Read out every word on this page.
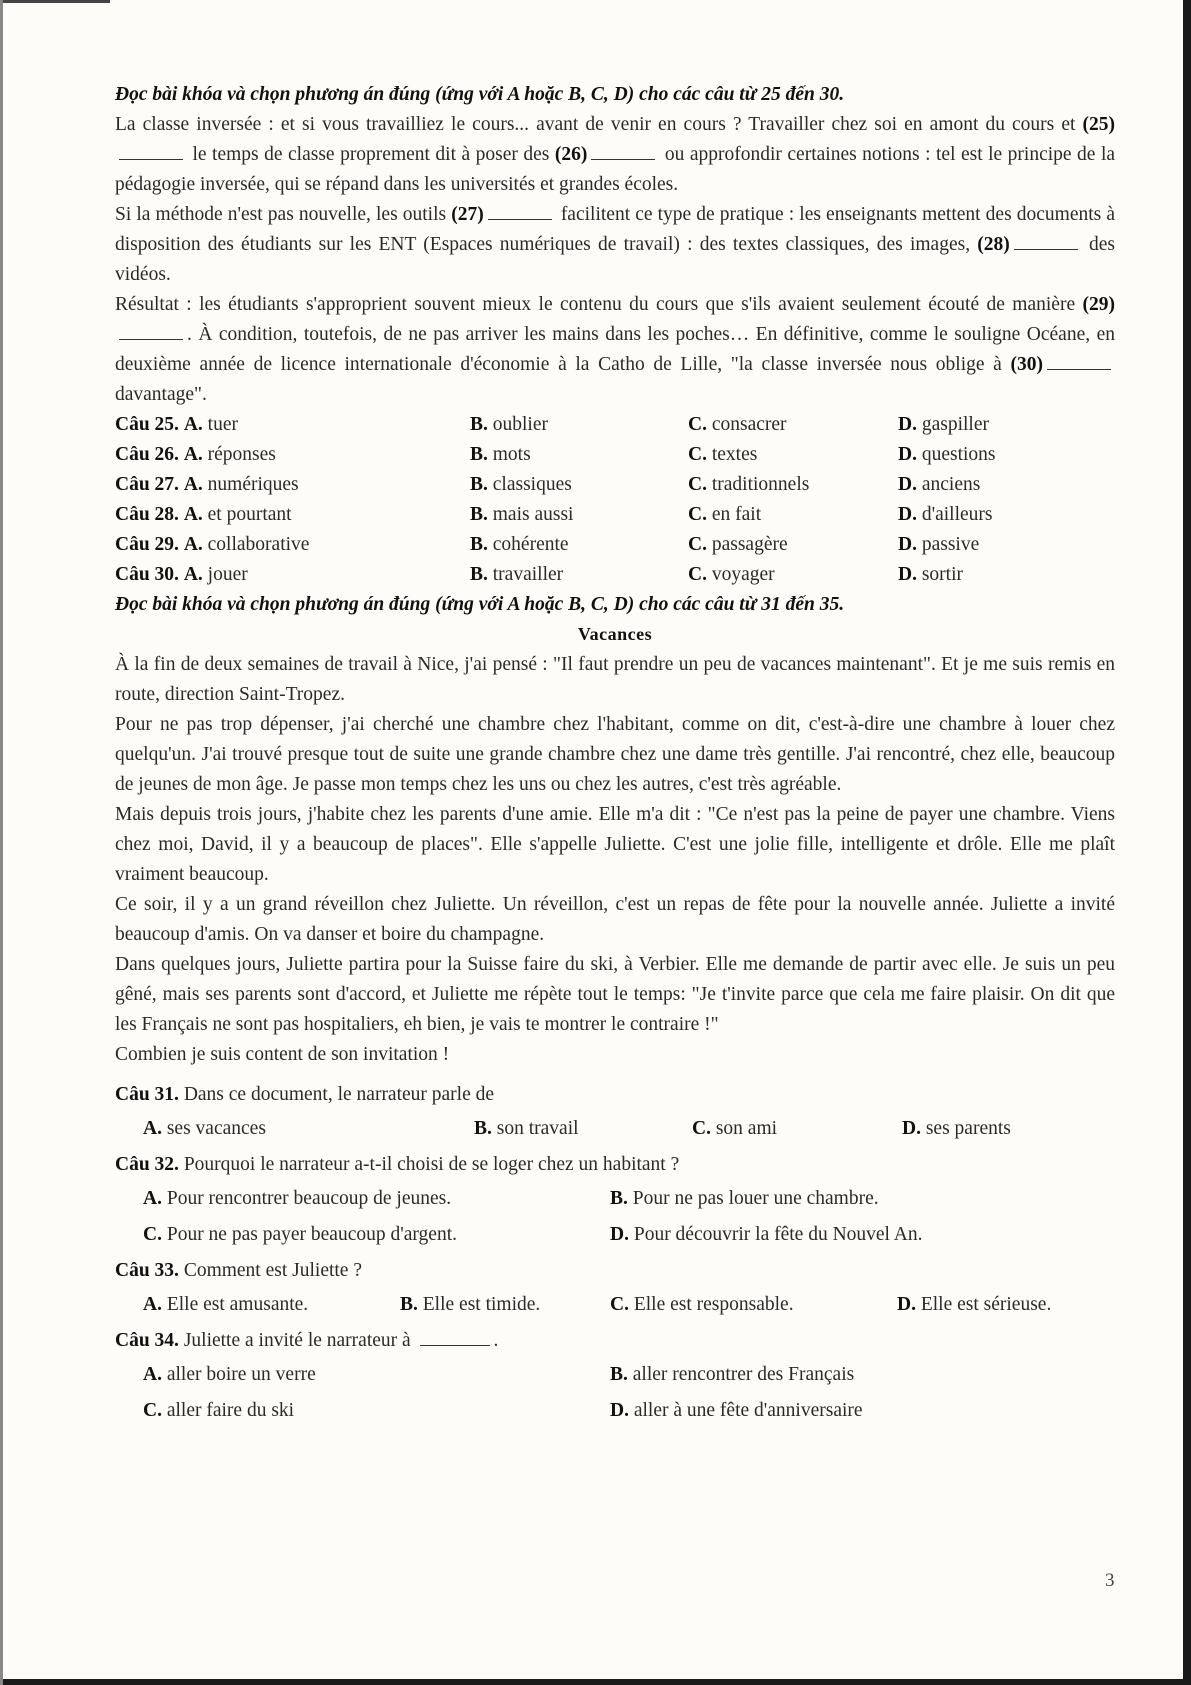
Đọc bài khóa và chọn phương án đúng (ứng với A hoặc B, C, D) cho các câu từ 25 đến 30.

La classe inversée : et si vous travailliez le cours... avant de venir en cours ? Travailler chez soi en amont du cours et (25) le temps de classe proprement dit à poser des (26)	ou approfondir certaines notions : tel est le principe de la pédagogie inversée, qui se répand dans les universités et grandes écoles.

Si la méthode n'est pas nouvelle, les outils (27)	facilitent ce type de pratique : les enseignants mettent des documents à disposition des étudiants sur les ENT (Espaces numériques de travail) : des textes classiques, des images, (28)	des vidéos.

Résultat : les étudiants s'approprient souvent mieux le contenu du cours que s'ils avaient seulement écouté de manière (29). À condition, toutefois, de ne pas arriver les mains dans les poches… En définitive, comme le souligne Océane, en deuxième année de licence internationale d'économie à la Catho de Lille, "la classe inversée nous oblige à (30) davantage".

Câu 25. A. tuer	B. oublier	C. consacrer	D. gaspiller
Câu 26. A. réponses	B. mots	C. textes	D. questions
Câu 27. A. numériques	B. classiques	C. traditionnels	D. anciens
Câu 28. A. et pourtant	B. mais aussi	C. en fait	D. d'ailleurs
Câu 29. A. collaborative	B. cohérente	C. passagère	D. passive
Câu 30. A. jouer	B. travailler	C. voyager	D. sortir

Đọc bài khóa và chọn phương án đúng (ứng với A hoặc B, C, D) cho các câu từ 31 đến 35.

Vacances

À la fin de deux semaines de travail à Nice, j'ai pensé : "Il faut prendre un peu de vacances maintenant". Et je me suis remis en route, direction Saint-Tropez.

Pour ne pas trop dépenser, j'ai cherché une chambre chez l'habitant, comme on dit, c'est-à-dire une chambre à louer chez quelqu'un. J'ai trouvé presque tout de suite une grande chambre chez une dame très gentille. J'ai rencontré, chez elle, beaucoup de jeunes de mon âge. Je passe mon temps chez les uns ou chez les autres, c'est très agréable.

Mais depuis trois jours, j'habite chez les parents d'une amie. Elle m'a dit : "Ce n'est pas la peine de payer une chambre. Viens chez moi, David, il y a beaucoup de places". Elle s'appelle Juliette. C'est une jolie fille, intelligente et drôle. Elle me plaît vraiment beaucoup.

Ce soir, il y a un grand réveillon chez Juliette. Un réveillon, c'est un repas de fête pour la nouvelle année. Juliette a invité beaucoup d'amis. On va danser et boire du champagne.

Dans quelques jours, Juliette partira pour la Suisse faire du ski, à Verbier. Elle me demande de partir avec elle. Je suis un peu gêné, mais ses parents sont d'accord, et Juliette me répète tout le temps: "Je t'invite parce que cela me faire plaisir. On dit que les Français ne sont pas hospitaliers, eh bien, je vais te montrer le contraire !"

Combien je suis content de son invitation !

Câu 31. Dans ce document, le narrateur parle de
A. ses vacances	B. son travail	C. son ami	D. ses parents
Câu 32. Pourquoi le narrateur a-t-il choisi de se loger chez un habitant ?
A. Pour rencontrer beaucoup de jeunes.	B. Pour ne pas louer une chambre.
C. Pour ne pas payer beaucoup d'argent.	D. Pour découvrir la fête du Nouvel An.
Câu 33. Comment est Juliette ?
A. Elle est amusante.	B. Elle est timide.	C. Elle est responsable.	D. Elle est sérieuse.
Câu 34. Juliette a invité le narrateur à	.
A. aller boire un verre	B. aller rencontrer des Français
C. aller faire du ski	D. aller à une fête d'anniversaire
3
